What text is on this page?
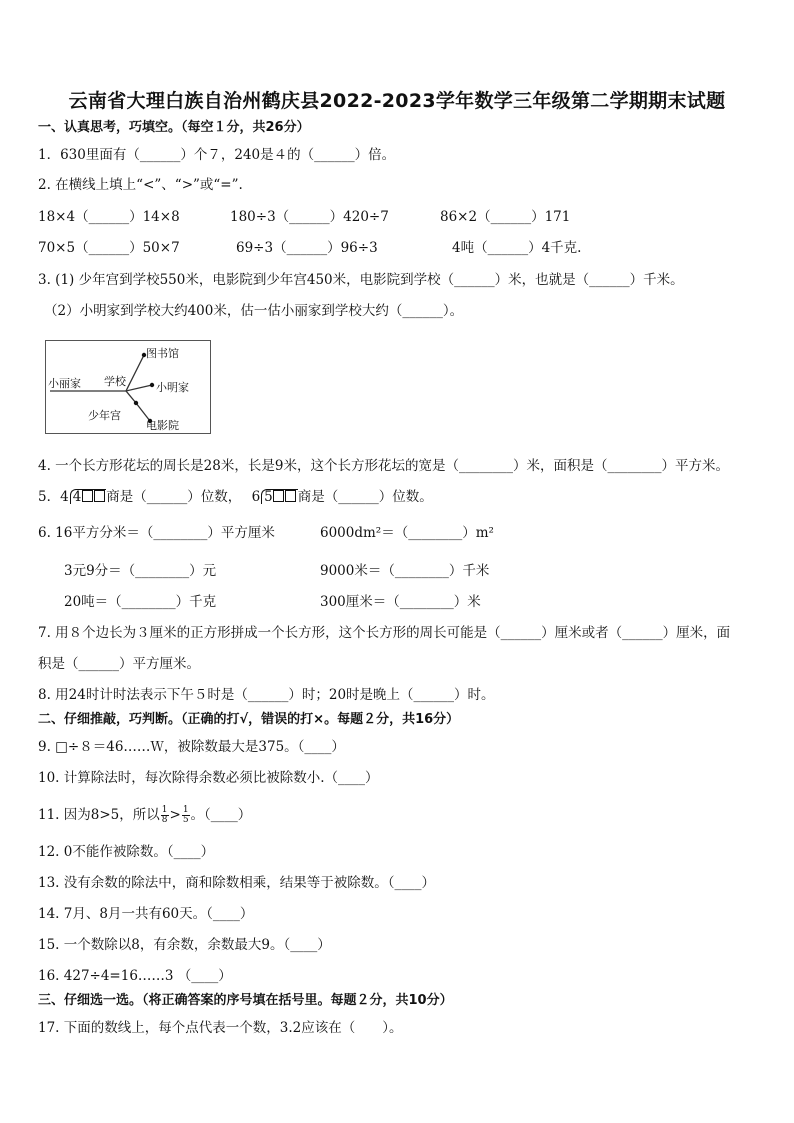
云南省大理白族自治州鹤庆县2022-2023学年数学三年级第二学期期末试题
一、认真思考，巧填空。（每空１分，共26分）
1．630里面有（______）个７，240是４的（______）倍。
2. 在横线上填上“<”、“>”或“=”.
18×4（______）14×8	180÷3（______）420÷7	86×2（______）171
70×5（______）50×7	69÷3（______）96÷3	4吨（______）4千克.
3. (1) 少年宫到学校550米，电影院到少年宫450米，电影院到学校（______）米，也就是（______）千米。
（2）小明家到学校大约400米，估一估小丽家到学校大约（______）。
图书馆
小丽家 学校	小明家
少年宫
电影院
4. 一个长方形花坛的周长是28米，长是9米，这个长方形花坛的宽是（________）米，面积是（________）平方米。
5．4 4 商是（______）位数， 6 5 商是（______）位数。
6. 16平方分米＝（________）平方厘米	6000dm²＝（________）m²
3元9分＝（________）元	9000米＝（________）千米
20吨＝（________）千克	300厘米＝（________）米
7. 用８个边长为３厘米的正方形拼成一个长方形，这个长方形的周长可能是（______）厘米或者（______）厘米，面
积是（______）平方厘米。
8. 用24时计时法表示下午５时是（______）时；20时是晚上（______）时。
二、仔细推敲，巧判断。（正确的打√，错误的打×。每题２分，共16分）
9. □÷８＝46……Ｗ，被除数最大是375。（____）
10. 计算除法时，每次除得余数必须比被除数小.（____）
11. 因为8>5，所以 $\frac{1}{8} > \frac{1}{5}$ 。（____）
12. 0不能作被除数。（____）
13. 没有余数的除法中，商和除数相乘，结果等于被除数。（____）
14. 7月、8月一共有60天。（____）
15. 一个数除以8，有余数，余数最大9。（____）
16. 427÷4=16……3 （____）
三、仔细选一选。（将正确答案的序号填在括号里。每题２分，共10分）
17. 下面的数线上，每个点代表一个数，3.2应该在（　　）。
